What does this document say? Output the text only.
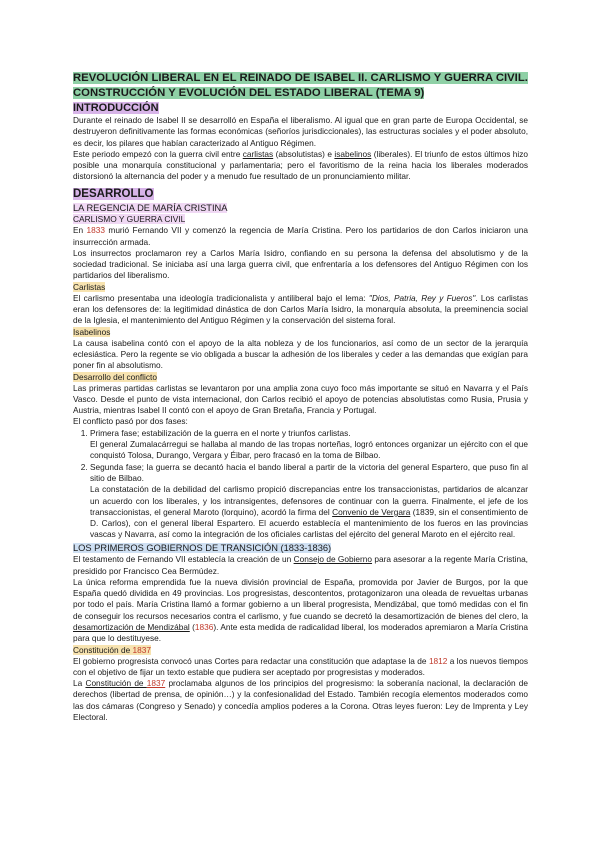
REVOLUCIÓN LIBERAL EN EL REINADO DE ISABEL II. CARLISMO Y GUERRA CIVIL. CONSTRUCCIÓN Y EVOLUCIÓN DEL ESTADO LIBERAL (TEMA 9)
INTRODUCCIÓN

Durante el reinado de Isabel II se desarrolló en España el liberalismo. Al igual que en gran parte de Europa Occidental, se destruyeron definitivamente las formas económicas (señoríos jurisdiccionales), las estructuras sociales y el poder absoluto, es decir, los pilares que habían caracterizado al Antiguo Régimen.

Este periodo empezó con la guerra civil entre carlistas (absolutistas) e isabelinos (liberales). El triunfo de estos últimos hizo posible una monarquía constitucional y parlamentaria; pero el favoritismo de la reina hacia los liberales moderados distorsionó la alternancia del poder y a menudo fue resultado de un pronunciamiento militar.

DESARROLLO
LA REGENCIA DE MARÍA CRISTINA
CARLISMO Y GUERRA CIVIL

En 1833 murió Fernando VII y comenzó la regencia de María Cristina. Pero los partidarios de don Carlos iniciaron una insurrección armada.

Los insurrectos proclamaron rey a Carlos María Isidro, confiando en su persona la defensa del absolutismo y de la sociedad tradicional. Se iniciaba así una larga guerra civil, que enfrentaría a los defensores del Antiguo Régimen con los partidarios del liberalismo.

Carlistas

El carlismo presentaba una ideología tradicionalista y antiliberal bajo el lema: "Dios, Patria, Rey y Fueros". Los carlistas eran los defensores de: la legitimidad dinástica de don Carlos María Isidro, la monarquía absoluta, la preeminencia social de la Iglesia, el mantenimiento del Antiguo Régimen y la conservación del sistema foral.

Isabelinos

La causa isabelina contó con el apoyo de la alta nobleza y de los funcionarios, así como de un sector de la jerarquía eclesiástica. Pero la regente se vio obligada a buscar la adhesión de los liberales y ceder a las demandas que exigían para poner fin al absolutismo.

Desarrollo del conflicto

Las primeras partidas carlistas se levantaron por una amplia zona cuyo foco más importante se situó en Navarra y el País Vasco. Desde el punto de vista internacional, don Carlos recibió el apoyo de potencias absolutistas como Rusia, Prusia y Austria, mientras Isabel II contó con el apoyo de Gran Bretaña, Francia y Portugal.

El conflicto pasó por dos fases:

1. Primera fase; estabilización de la guerra en el norte y triunfos carlistas.
El general Zumalacárregui se hallaba al mando de las tropas norteñas, logró entonces organizar un ejército con el que conquistó Tolosa, Durango, Vergara y Éibar, pero fracasó en la toma de Bilbao.
2. Segunda fase; la guerra se decantó hacia el bando liberal a partir de la victoria del general Espartero, que puso fin al sitio de Bilbao.
La constatación de la debilidad del carlismo propició discrepancias entre los transaccionistas, partidarios de alcanzar un acuerdo con los liberales, y los intransigentes, defensores de continuar con la guerra. Finalmente, el jefe de los transaccionistas, el general Maroto (lorquino), acordó la firma del Convenio de Vergara (1839, sin el consentimiento de D. Carlos), con el general liberal Espartero. El acuerdo establecía el mantenimiento de los fueros en las provincias vascas y Navarra, así como la integración de los oficiales carlistas del ejército del general Maroto en el ejército real.
LOS PRIMEROS GOBIERNOS DE TRANSICIÓN (1833-1836)

El testamento de Fernando VII establecía la creación de un Consejo de Gobierno para asesorar a la regente María Cristina, presidido por Francisco Cea Bermúdez.

La única reforma emprendida fue la nueva división provincial de España, promovida por Javier de Burgos, por la que España quedó dividida en 49 provincias. Los progresistas, descontentos, protagonizaron una oleada de revueltas urbanas por todo el país. María Cristina llamó a formar gobierno a un liberal progresista, Mendizábal, que tomó medidas con el fin de conseguir los recursos necesarios contra el carlismo, y fue cuando se decretó la desamortización de bienes del clero, la desamortización de Mendizábal (1836). Ante esta medida de radicalidad liberal, los moderados apremiaron a María Cristina para que lo destituyese.

Constitución de 1837

El gobierno progresista convocó unas Cortes para redactar una constitución que adaptase la de 1812 a los nuevos tiempos con el objetivo de fijar un texto estable que pudiera ser aceptado por progresistas y moderados.

La Constitución de 1837 proclamaba algunos de los principios del progresismo: la soberanía nacional, la declaración de derechos (libertad de prensa, de opinión…) y la confesionalidad del Estado. También recogía elementos moderados como las dos cámaras (Congreso y Senado) y concedía amplios poderes a la Corona. Otras leyes fueron: Ley de Imprenta y Ley Electoral.
